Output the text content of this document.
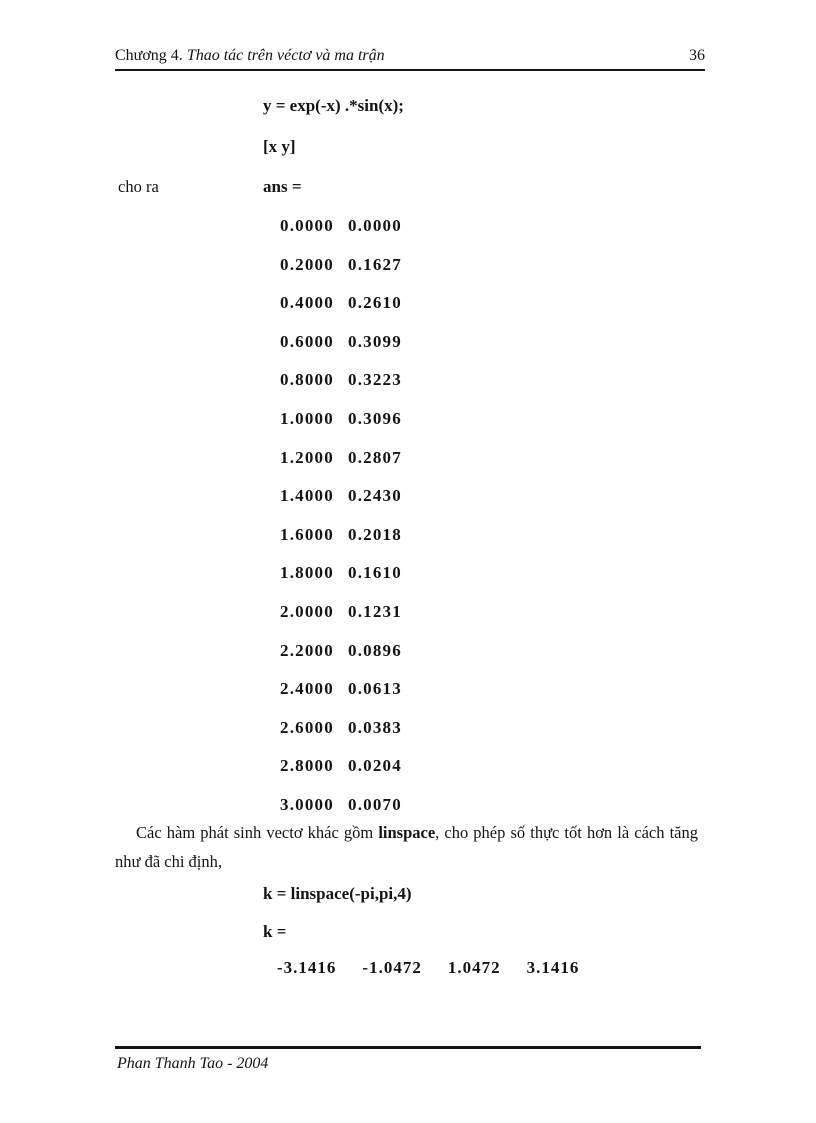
Chương 4. Thao tác trên véctơ và ma trận	36
y = exp(-x) .*sin(x);
[x y]
cho ra	ans =
0.0000 0.0000
0.2000 0.1627
0.4000 0.2610
0.6000 0.3099
0.8000 0.3223
1.0000 0.3096
1.2000 0.2807
1.4000 0.2430
1.6000 0.2018
1.8000 0.1610
2.0000 0.1231
2.2000 0.0896
2.4000 0.0613
2.6000 0.0383
2.8000 0.0204
3.0000 0.0070
Các hàm phát sinh vectơ khác gồm linspace, cho phép số thực tốt hơn là cách tăng như đã chi định,
k = linspace(-pi,pi,4)
k =
-3.1416 -1.0472 1.0472 3.1416
Phan Thanh Tao - 2004
